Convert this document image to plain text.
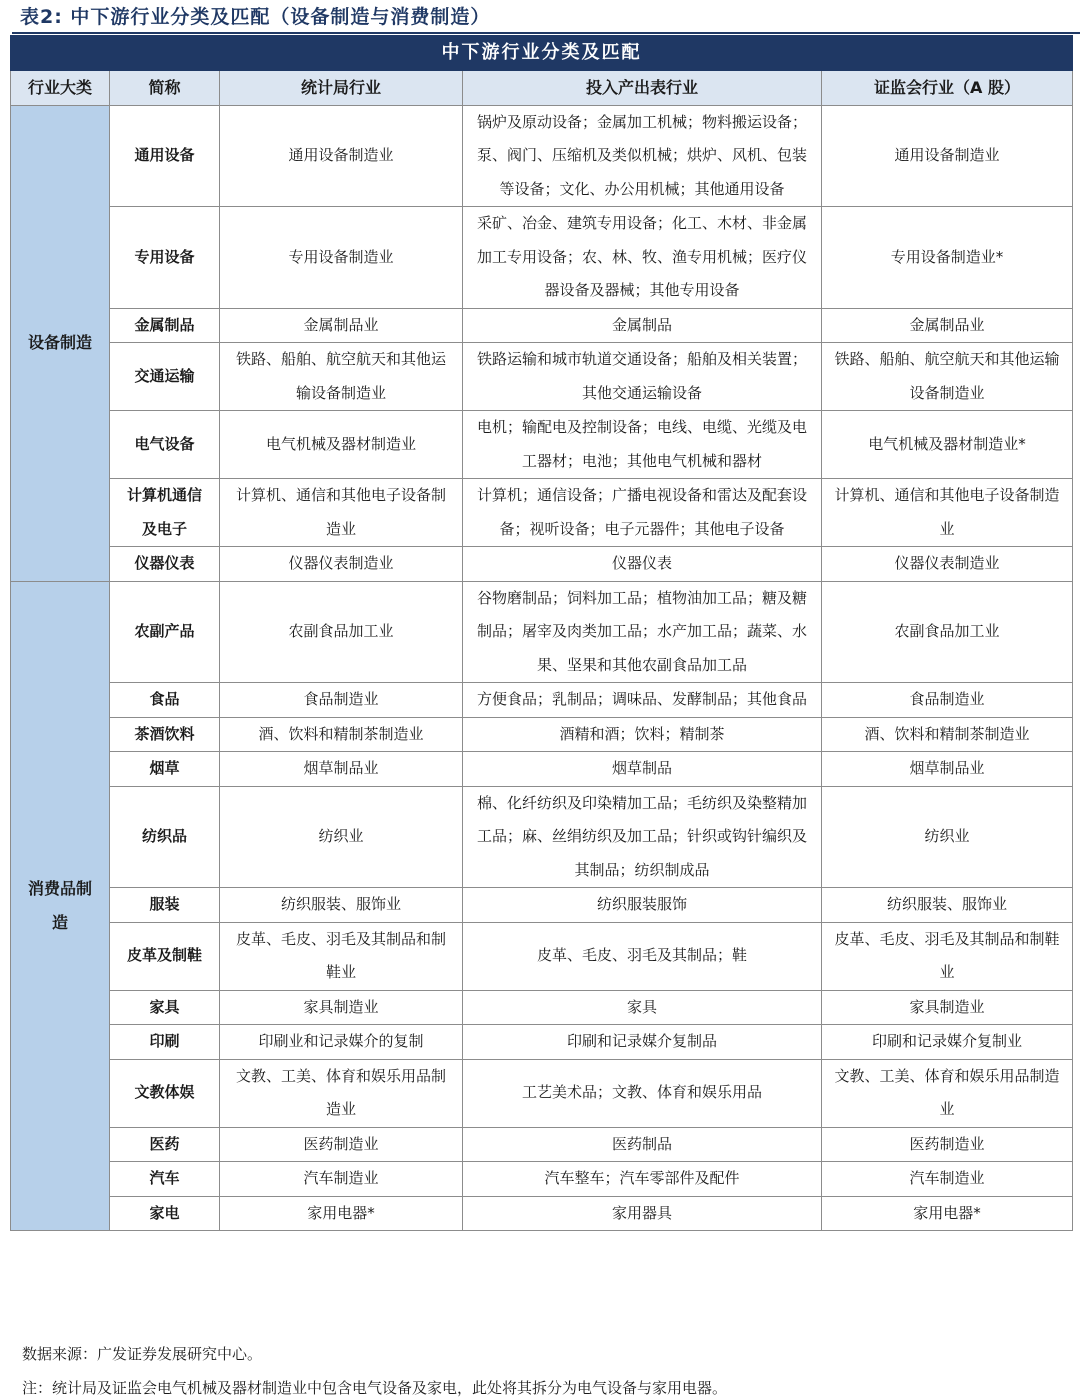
表2: 中下游行业分类及匹配（设备制造与消费制造）
中下游行业分类及匹配				
行业大类	简称	统计局行业	投入产出表行业	证监会行业（A 股）
设备制造	通用设备	通用设备制造业	锅炉及原动设备；金属加工机械；物料搬运设备；泵、阀门、压缩机及类似机械；烘炉、风机、包装等设备；文化、办公用机械；其他通用设备	通用设备制造业
	专用设备	专用设备制造业	采矿、冶金、建筑专用设备；化工、木材、非金属加工专用设备；农、林、牧、渔专用机械；医疗仪器设备及器械；其他专用设备	专用设备制造业*
	金属制品	金属制品业	金属制品	金属制品业
	交通运输	铁路、船舶、航空航天和其他运输设备制造业	铁路运输和城市轨道交通设备；船舶及相关装置；其他交通运输设备	铁路、船舶、航空航天和其他运输设备制造业
	电气设备	电气机械及器材制造业	电机；输配电及控制设备；电线、电缆、光缆及电工器材；电池；其他电气机械和器材	电气机械及器材制造业*
	计算机通信及电子	计算机、通信和其他电子设备制造业	计算机；通信设备；广播电视设备和雷达及配套设备；视听设备；电子元器件；其他电子设备	计算机、通信和其他电子设备制造业
	仪器仪表	仪器仪表制造业	仪器仪表	仪器仪表制造业
消费品制造	农副产品	农副食品加工业	谷物磨制品；饲料加工品；植物油加工品；糖及糖制品；屠宰及肉类加工品；水产加工品；蔬菜、水果、坚果和其他农副食品加工品	农副食品加工业
	食品	食品制造业	方便食品；乳制品；调味品、发酵制品；其他食品	食品制造业
	茶酒饮料	酒、饮料和精制茶制造业	酒精和酒；饮料；精制茶	酒、饮料和精制茶制造业
	烟草	烟草制品业	烟草制品	烟草制品业
	纺织品	纺织业	棉、化纤纺织及印染精加工品；毛纺织及染整精加工品；麻、丝绢纺织及加工品；针织或钩针编织及其制品；纺织制成品	纺织业
	服装	纺织服装、服饰业	纺织服装服饰	纺织服装、服饰业
	皮革及制鞋	皮革、毛皮、羽毛及其制品和制鞋业	皮革、毛皮、羽毛及其制品；鞋	皮革、毛皮、羽毛及其制品和制鞋业
	家具	家具制造业	家具	家具制造业
	印刷	印刷业和记录媒介的复制	印刷和记录媒介复制品	印刷和记录媒介复制业
	文教体娱	文教、工美、体育和娱乐用品制造业	工艺美术品；文教、体育和娱乐用品	文教、工美、体育和娱乐用品制造业
	医药	医药制造业	医药制品	医药制造业
	汽车	汽车制造业	汽车整车；汽车零部件及配件	汽车制造业
	家电	家用电器*	家用器具	家用电器*
数据来源：广发证券发展研究中心。
注：统计局及证监会电气机械及器材制造业中包含电气设备及家电，此处将其拆分为电气设备与家用电器。
